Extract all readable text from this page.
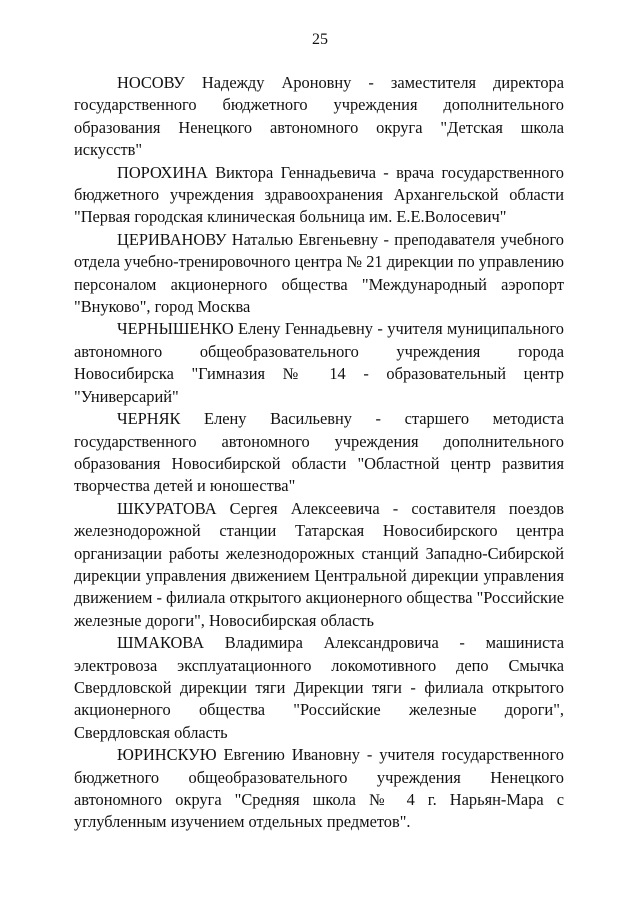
25

НОСОВУ Надежду Ароновну - заместителя директора государственного бюджетного учреждения дополнительного образования Ненецкого автономного округа "Детская школа искусств"

ПОРОХИНА Виктора Геннадьевича - врача государственного бюджетного учреждения здравоохранения Архангельской области "Первая городская клиническая больница им. Е.Е.Волосевич"

ЦЕРИВАНОВУ Наталью Евгеньевну - преподавателя учебного отдела учебно-тренировочного центра № 21 дирекции по управлению персоналом акционерного общества "Международный аэропорт "Внуково", город Москва

ЧЕРНЫШЕНКО Елену Геннадьевну - учителя муниципального автономного общеобразовательного учреждения города Новосибирска "Гимназия № 14 - образовательный центр "Универсарий"

ЧЕРНЯК Елену Васильевну - старшего методиста государственного автономного учреждения дополнительного образования Новосибирской области "Областной центр развития творчества детей и юношества"

ШКУРАТОВА Сергея Алексеевича - составителя поездов железнодорожной станции Татарская Новосибирского центра организации работы железнодорожных станций Западно-Сибирской дирекции управления движением Центральной дирекции управления движением - филиала открытого акционерного общества "Российские железные дороги", Новосибирская область

ШМАКОВА Владимира Александровича - машиниста электровоза эксплуатационного локомотивного депо Смычка Свердловской дирекции тяги Дирекции тяги - филиала открытого акционерного общества "Российские железные дороги", Свердловская область

ЮРИНСКУЮ Евгению Ивановну - учителя государственного бюджетного общеобразовательного учреждения Ненецкого автономного округа "Средняя школа № 4 г. Нарьян-Мара с углубленным изучением отдельных предметов".
